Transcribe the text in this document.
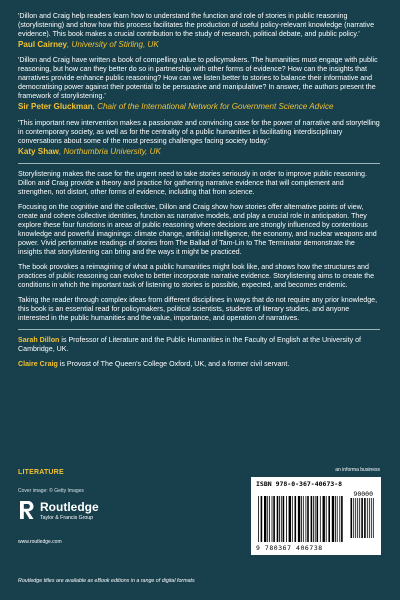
'Dillon and Craig help readers learn how to understand the function and role of stories in public reasoning (storylistening) and show how this process facilitates the production of useful policy-relevant knowledge (narrative evidence). This book makes a crucial contribution to the study of research, political debate, and public policy.'
Paul Cairney, University of Stirling, UK
'Dillon and Craig have written a book of compelling value to policymakers. The humanities must engage with public reasoning, but how can they better do so in partnership with other forms of evidence? How can the insights that narratives provide enhance public reasoning? How can we listen better to stories to balance their informative and democratising power against their potential to be persuasive and manipulative? In answer, the authors present the framework of storylistening.'
Sir Peter Gluckman, Chair of the International Network for Government Science Advice
'This important new intervention makes a passionate and convincing case for the power of narrative and storytelling in contemporary society, as well as for the centrality of a public humanities in facilitating interdisciplinary conversations about some of the most pressing challenges facing society today.'
Katy Shaw, Northumbria University, UK
Storylistening makes the case for the urgent need to take stories seriously in order to improve public reasoning. Dillon and Craig provide a theory and practice for gathering narrative evidence that will complement and strengthen, not distort, other forms of evidence, including that from science.
Focusing on the cognitive and the collective, Dillon and Craig show how stories offer alternative points of view, create and cohere collective identities, function as narrative models, and play a crucial role in anticipation. They explore these four functions in areas of public reasoning where decisions are strongly influenced by contentious knowledge and powerful imaginings: climate change, artificial intelligence, the economy, and nuclear weapons and power. Vivid performative readings of stories from The Ballad of Tam-Lin to The Terminator demonstrate the insights that storylistening can bring and the ways it might be practiced.
The book provokes a reimagining of what a public humanities might look like, and shows how the structures and practices of public reasoning can evolve to better incorporate narrative evidence. Storylistening aims to create the conditions in which the important task of listening to stories is possible, expected, and becomes endemic.
Taking the reader through complex ideas from different disciplines in ways that do not require any prior knowledge, this book is an essential read for policymakers, political scientists, students of literary studies, and anyone interested in the public humanities and the value, importance, and operation of narratives.
Sarah Dillon is Professor of Literature and the Public Humanities in the Faculty of English at the University of Cambridge, UK.
Claire Craig is Provost of The Queen's College Oxford, UK, and a former civil servant.
LITERATURE
Cover image: © Getty Images
Routledge
Taylor & Francis Group
www.routledge.com
Routledge titles are available as eBook editions in a range of digital formats
an informa business
ISBN 978-0-367-40673-8
90000
9 780367 406738
